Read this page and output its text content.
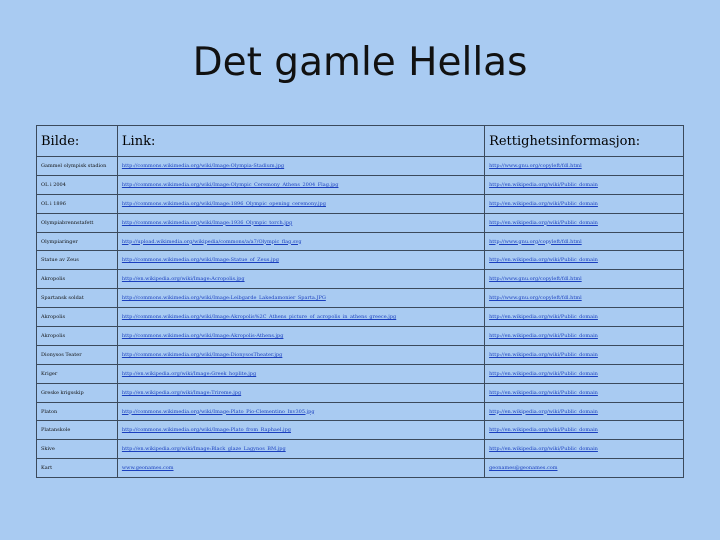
Det gamle Hellas
Bilde:	Link:	Rettighetsinformasjon:
Gammel olympisk stadion	http://commons.wikimedia.org/wiki/Image:Olympia-Stadium.jpg	http://www.gnu.org/copyleft/fdl.html
OL i 2004	http://commons.wikimedia.org/wiki/Image:Olympic_Ceremony_Athens_2004_Flag.jpg	http://en.wikipedia.org/wiki/Public_domain
OL i 1896	http://commons.wikimedia.org/wiki/Image:1896_Olympic_opening_ceremony.jpg	http://en.wikipedia.org/wiki/Public_domain
Olympiabrennstafett	http://commons.wikimedia.org/wiki/Image:1936_Olympic_torch.jpg	http://en.wikipedia.org/wiki/Public_domain
Olympiaringer	http://upload.wikimedia.org/wikipedia/commons/a/a7/Olympic_flag.svg	http://www.gnu.org/copyleft/fdl.html
Statue av Zeus	http://commons.wikimedia.org/wiki/Image:Statue_of_Zeus.jpg	http://en.wikipedia.org/wiki/Public_domain
Akropolis	http://en.wikipedia.org/wiki/Image:Acropolis.jpg	http://www.gnu.org/copyleft/fdl.html
Spartansk soldat	http://commons.wikimedia.org/wiki/Image:Leibgarde_Lakedamonier_Sparta.JPG	http://www.gnu.org/copyleft/fdl.html
Akropolis	http://commons.wikimedia.org/wiki/Image:Akropolis%2C_Athens_picture_of_acropolis_in_athens_greece.jpg	http://en.wikipedia.org/wiki/Public_domain
Akropolis	http://commons.wikimedia.org/wiki/Image:Akropolis-Athens.jpg	http://en.wikipedia.org/wiki/Public_domain
Dionysos Teater	http://commons.wikimedia.org/wiki/Image:DionysosTheater.jpg	http://en.wikipedia.org/wiki/Public_domain
Kriger	http://en.wikipedia.org/wiki/Image:Greek_hoplite.jpg	http://en.wikipedia.org/wiki/Public_domain
Greske krigsskip	http://en.wikipedia.org/wiki/Image:Trireme.jpg	http://en.wikipedia.org/wiki/Public_domain
Platon	http://commons.wikimedia.org/wiki/Image:Plato_Pio-Clementino_Inv305.jpg	http://en.wikipedia.org/wiki/Public_domain
Platanskole	http://commons.wikimedia.org/wiki/Image:Plato_from_Raphael.jpg	http://en.wikipedia.org/wiki/Public_domain
Skive	http://en.wikipedia.org/wiki/Image:Black_glaze_Lagynos_BM.jpg	http://en.wikipedia.org/wiki/Public_domain
Kart	www.geonames.com	geonames@geonames.com
